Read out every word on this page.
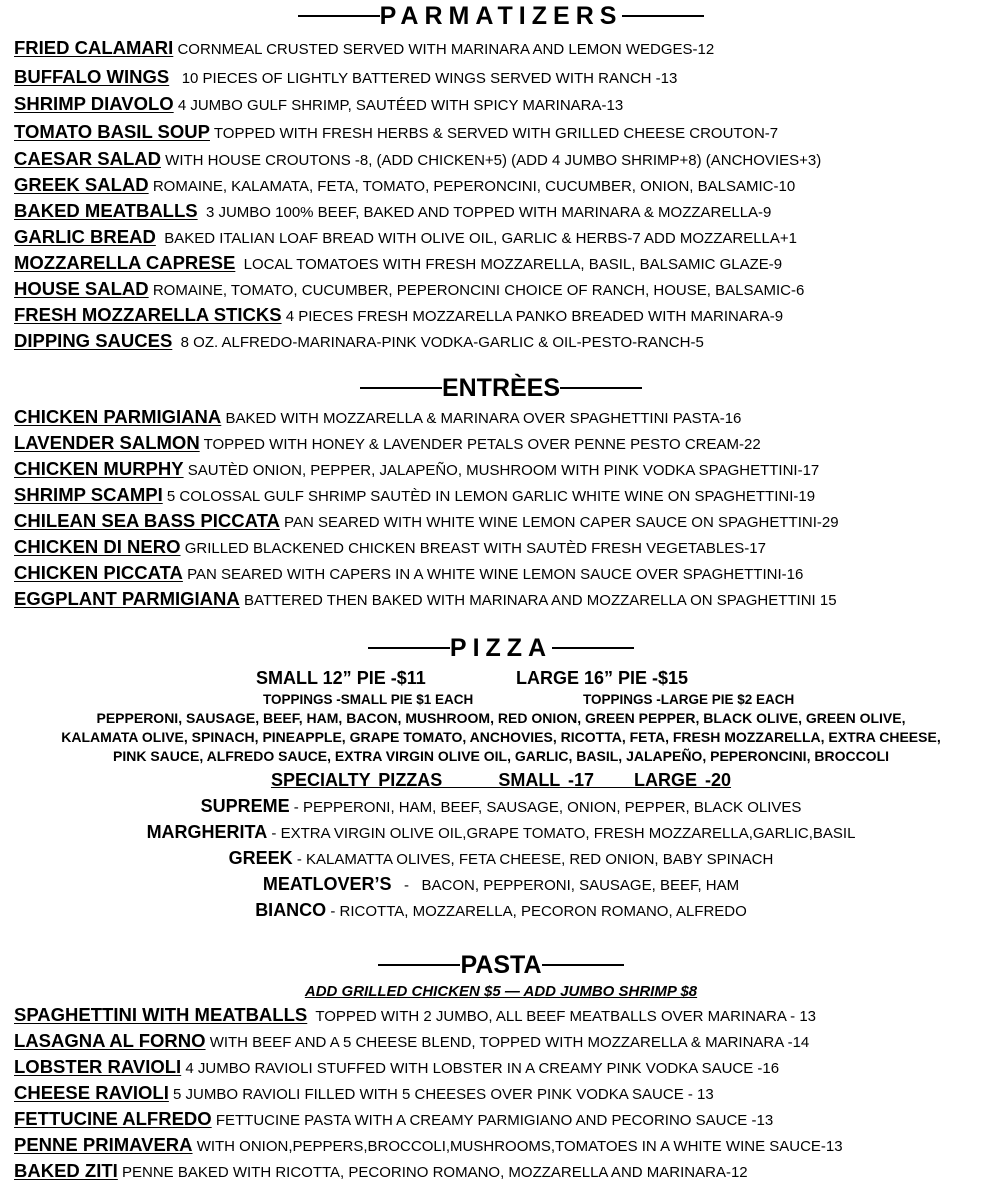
PARMATIZERS
FRIED CALAMARI CORNMEAL CRUSTED SERVED WITH MARINARA AND LEMON WEDGES-12
BUFFALO WINGS 10 PIECES OF LIGHTLY BATTERED WINGS SERVED WITH RANCH -13
SHRIMP DIAVOLO 4 JUMBO GULF SHRIMP, SAUTÉED WITH SPICY MARINARA-13
TOMATO BASIL SOUP TOPPED WITH FRESH HERBS & SERVED WITH GRILLED CHEESE CROUTON-7
CAESAR SALAD WITH HOUSE CROUTONS -8, (ADD CHICKEN+5) (ADD 4 JUMBO SHRIMP+8) (ANCHOVIES+3)
GREEK SALAD ROMAINE, KALAMATA, FETA, TOMATO, PEPERONCINI, CUCUMBER, ONION, BALSAMIC-10
BAKED MEATBALLS 3 JUMBO 100% BEEF, BAKED AND TOPPED WITH MARINARA & MOZZARELLA-9
GARLIC BREAD BAKED ITALIAN LOAF BREAD WITH OLIVE OIL, GARLIC & HERBS-7 ADD MOZZARELLA+1
MOZZARELLA CAPRESE LOCAL TOMATOES WITH FRESH MOZZARELLA, BASIL, BALSAMIC GLAZE-9
HOUSE SALAD ROMAINE, TOMATO, CUCUMBER, PEPERONCINI CHOICE OF RANCH, HOUSE, BALSAMIC-6
FRESH MOZZARELLA STICKS 4 PIECES FRESH MOZZARELLA PANKO BREADED WITH MARINARA-9
DIPPING SAUCES 8 OZ. ALFREDO-MARINARA-PINK VODKA-GARLIC & OIL-PESTO-RANCH-5
ENTRÈES
CHICKEN PARMIGIANA BAKED WITH MOZZARELLA & MARINARA OVER SPAGHETTINI PASTA-16
LAVENDER SALMON TOPPED WITH HONEY & LAVENDER PETALS OVER PENNE PESTO CREAM-22
CHICKEN MURPHY SAUTÈD ONION, PEPPER, JALAPEÑO, MUSHROOM WITH PINK VODKA SPAGHETTINI-17
SHRIMP SCAMPI 5 COLOSSAL GULF SHRIMP SAUTÈD IN LEMON GARLIC WHITE WINE ON SPAGHETTINI-19
CHILEAN SEA BASS PICCATA PAN SEARED WITH WHITE WINE LEMON CAPER SAUCE ON SPAGHETTINI-29
CHICKEN DI NERO GRILLED BLACKENED CHICKEN BREAST WITH SAUTÈD FRESH VEGETABLES-17
CHICKEN PICCATA PAN SEARED WITH CAPERS IN A WHITE WINE LEMON SAUCE OVER SPAGHETTINI-16
EGGPLANT PARMIGIANA BATTERED THEN BAKED WITH MARINARA AND MOZZARELLA ON SPAGHETTINI 15
PIZZA
SMALL 12” PIE -$11	LARGE 16” PIE -$15
TOPPINGS -SMALL PIE $1 EACH	TOPPINGS -LARGE PIE $2 EACH
PEPPERONI, SAUSAGE, BEEF, HAM, BACON, MUSHROOM, RED ONION, GREEN PEPPER, BLACK OLIVE, GREEN OLIVE,
KALAMATA OLIVE, SPINACH, PINEAPPLE, GRAPE TOMATO, ANCHOVIES, RICOTTA, FETA, FRESH MOZZARELLA, EXTRA CHEESE,
PINK SAUCE, ALFREDO SAUCE, EXTRA VIRGIN OLIVE OIL, GARLIC, BASIL, JALAPEÑO, PEPERONCINI, BROCCOLI
SPECIALTY PIZZAS       SMALL -17     LARGE -20
SUPREME - PEPPERONI, HAM, BEEF, SAUSAGE, ONION, PEPPER, BLACK OLIVES
MARGHERITA - EXTRA VIRGIN OLIVE OIL,GRAPE TOMATO, FRESH MOZZARELLA,GARLIC,BASIL
GREEK - KALAMATTA OLIVES, FETA CHEESE, RED ONION, BABY SPINACH
MEATLOVER’S   -   BACON, PEPPERONI, SAUSAGE, BEEF, HAM
BIANCO - RICOTTA, MOZZARELLA, PECORON ROMANO, ALFREDO
PASTA
ADD GRILLED CHICKEN $5 — ADD JUMBO SHRIMP $8
SPAGHETTINI WITH MEATBALLS TOPPED WITH 2 JUMBO, ALL BEEF MEATBALLS OVER MARINARA - 13
LASAGNA AL FORNO WITH BEEF AND A 5 CHEESE BLEND, TOPPED WITH MOZZARELLA & MARINARA -14
LOBSTER RAVIOLI 4 JUMBO RAVIOLI STUFFED WITH LOBSTER IN A CREAMY PINK VODKA SAUCE -16
CHEESE RAVIOLI 5 JUMBO RAVIOLI FILLED WITH 5 CHEESES OVER PINK VODKA SAUCE - 13
FETTUCINE ALFREDO FETTUCINE PASTA WITH A CREAMY PARMIGIANO AND PECORINO SAUCE -13
PENNE PRIMAVERA WITH ONION,PEPPERS,BROCCOLI,MUSHROOMS,TOMATOES IN A WHITE WINE SAUCE-13
BAKED ZITI PENNE BAKED WITH RICOTTA, PECORINO ROMANO, MOZZARELLA AND MARINARA-12
